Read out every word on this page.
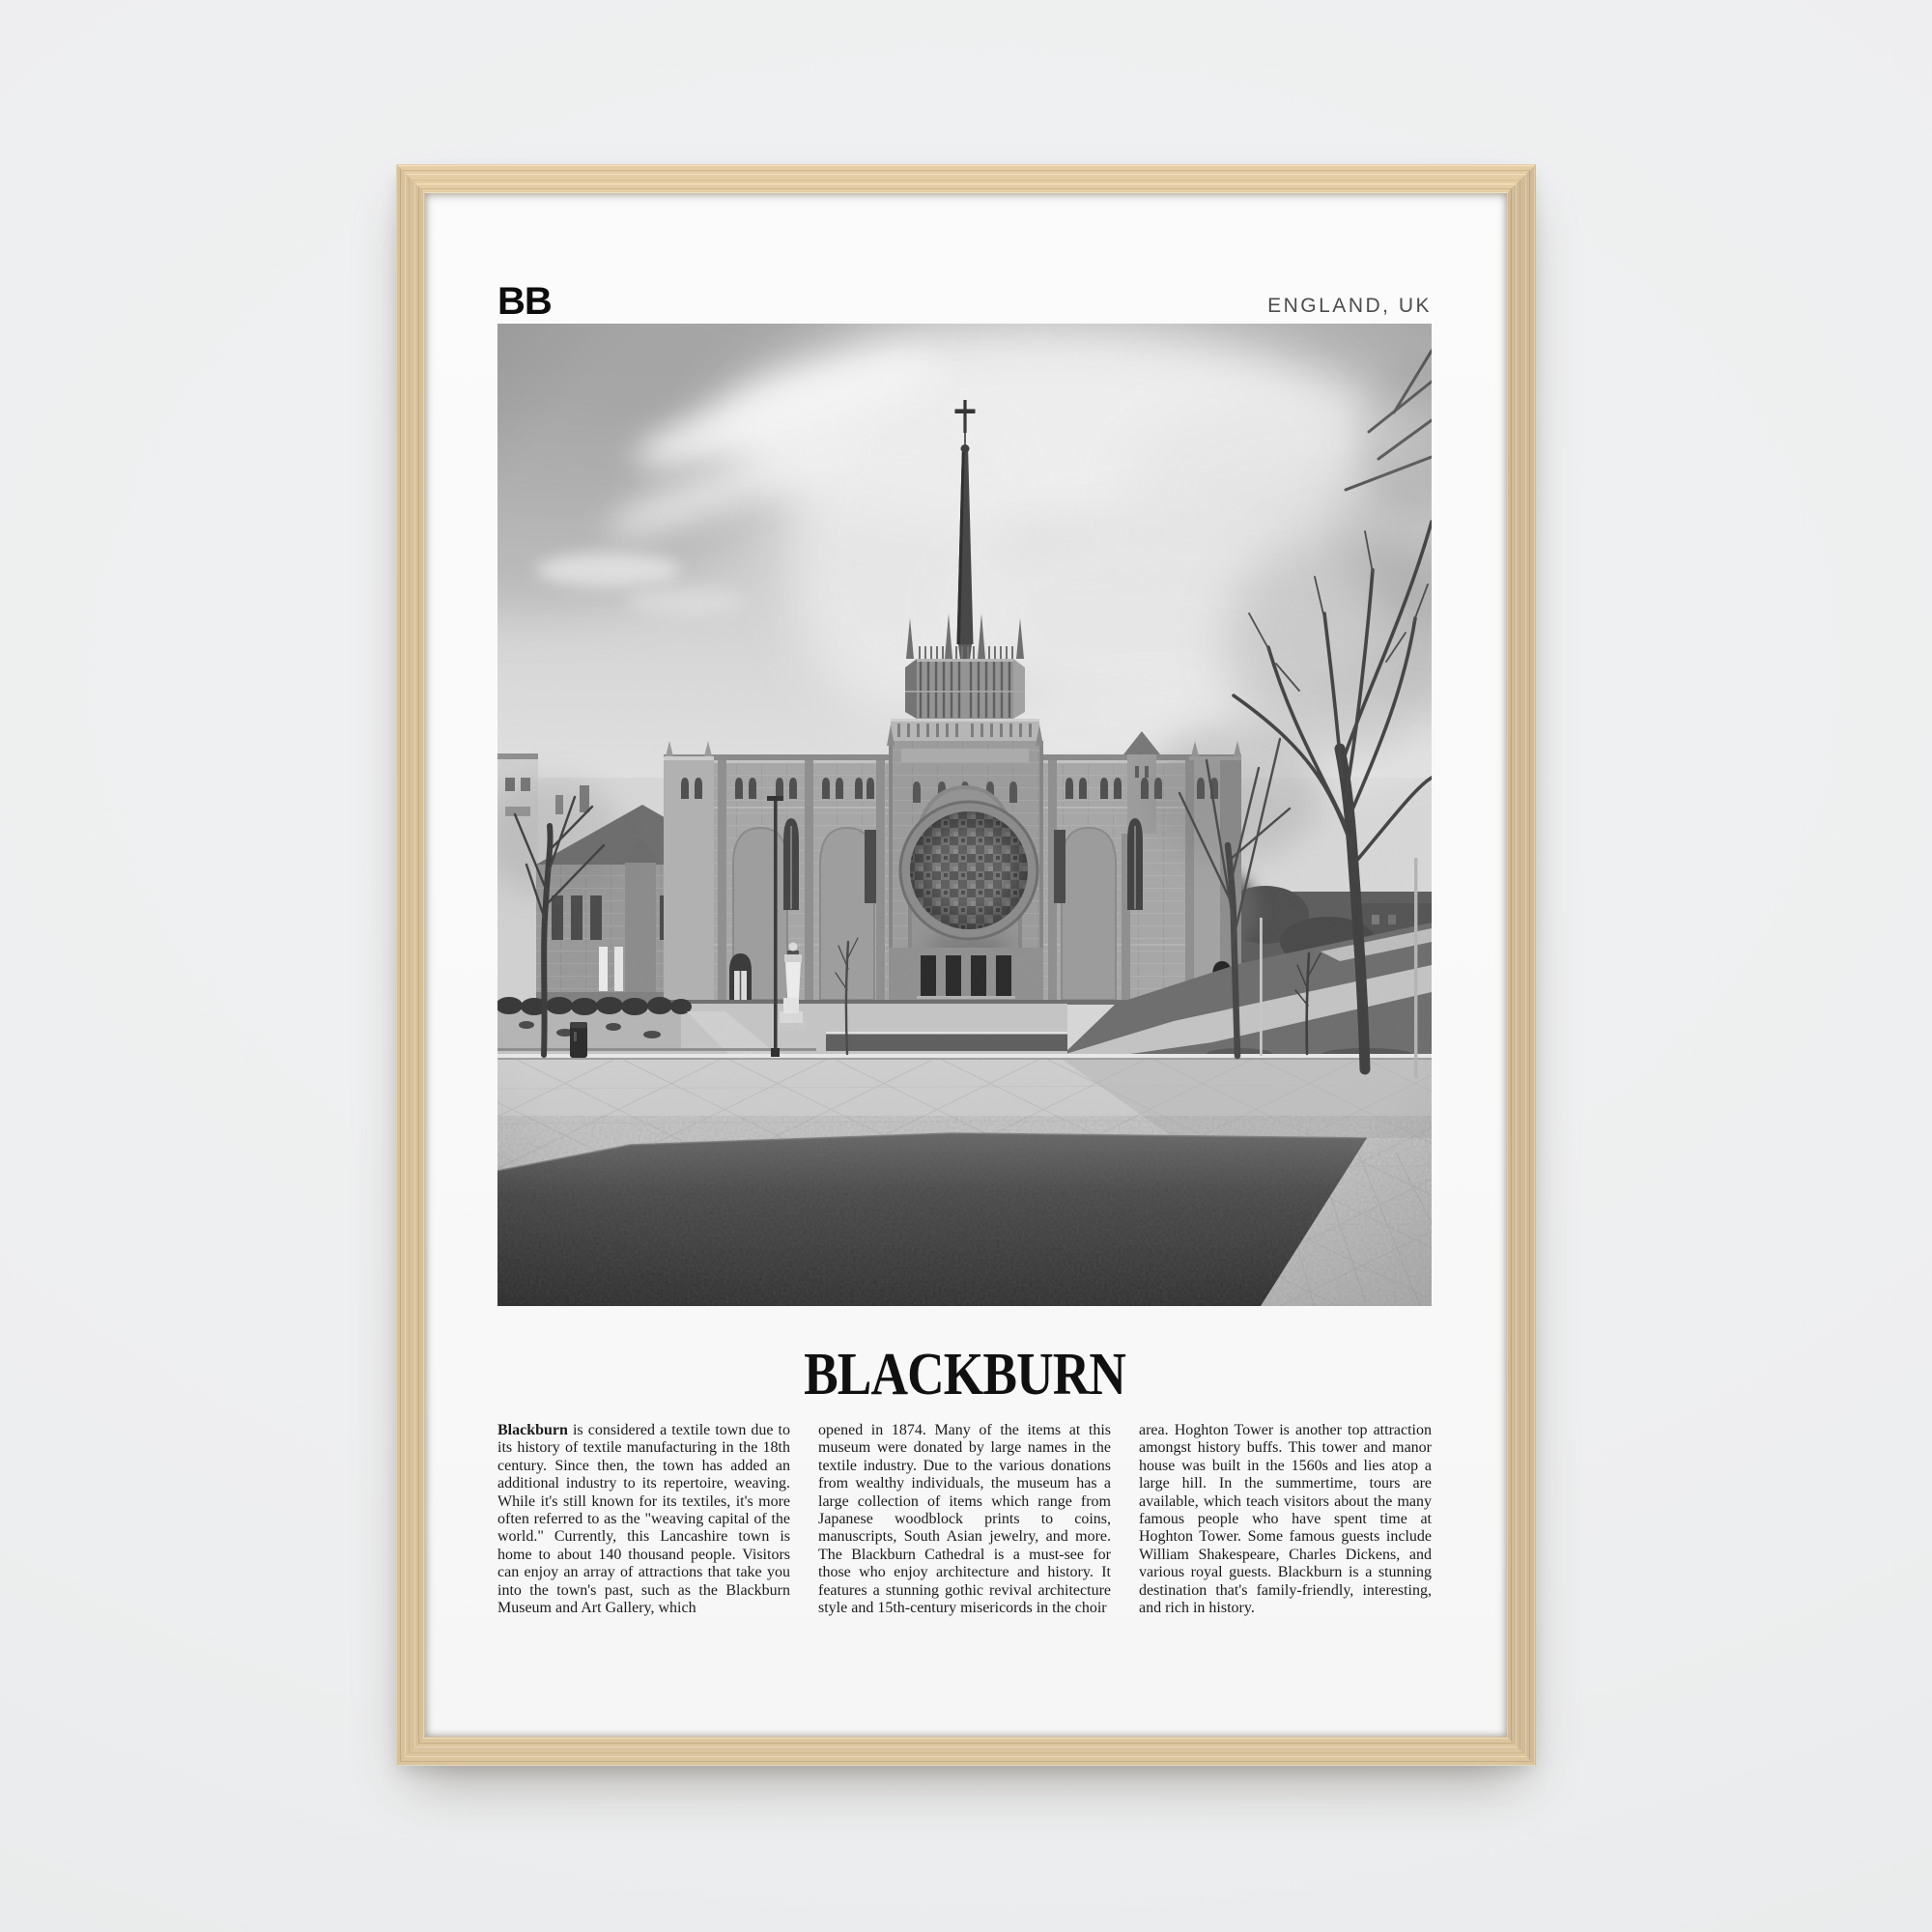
BB	ENGLAND, UK
BLACKBURN
Blackburn is considered a textile town due to its history of textile manufacturing in the 18th century. Since then, the town has added an additional industry to its repertoire, weaving. While it's still known for its textiles, it's more often referred to as the "weaving capital of the world." Currently, this Lancashire town is home to about 140 thousand people. Visitors can enjoy an array of attractions that take you into the town's past, such as the Blackburn Museum and Art Gallery, which
opened in 1874. Many of the items at this museum were donated by large names in the textile industry. Due to the various donations from wealthy individuals, the museum has a large collection of items which range from Japanese woodblock prints to coins, manuscripts, South Asian jewelry, and more. The Blackburn Cathedral is a must-see for those who enjoy architecture and history. It features a stunning gothic revival architecture style and 15th-century misericords in the choir
area. Hoghton Tower is another top attraction amongst history buffs. This tower and manor house was built in the 1560s and lies atop a large hill. In the summertime, tours are available, which teach visitors about the many famous people who have spent time at Hoghton Tower. Some famous guests include William Shakespeare, Charles Dickens, and various royal guests. Blackburn is a stunning destination that's family-friendly, interesting, and rich in history.
